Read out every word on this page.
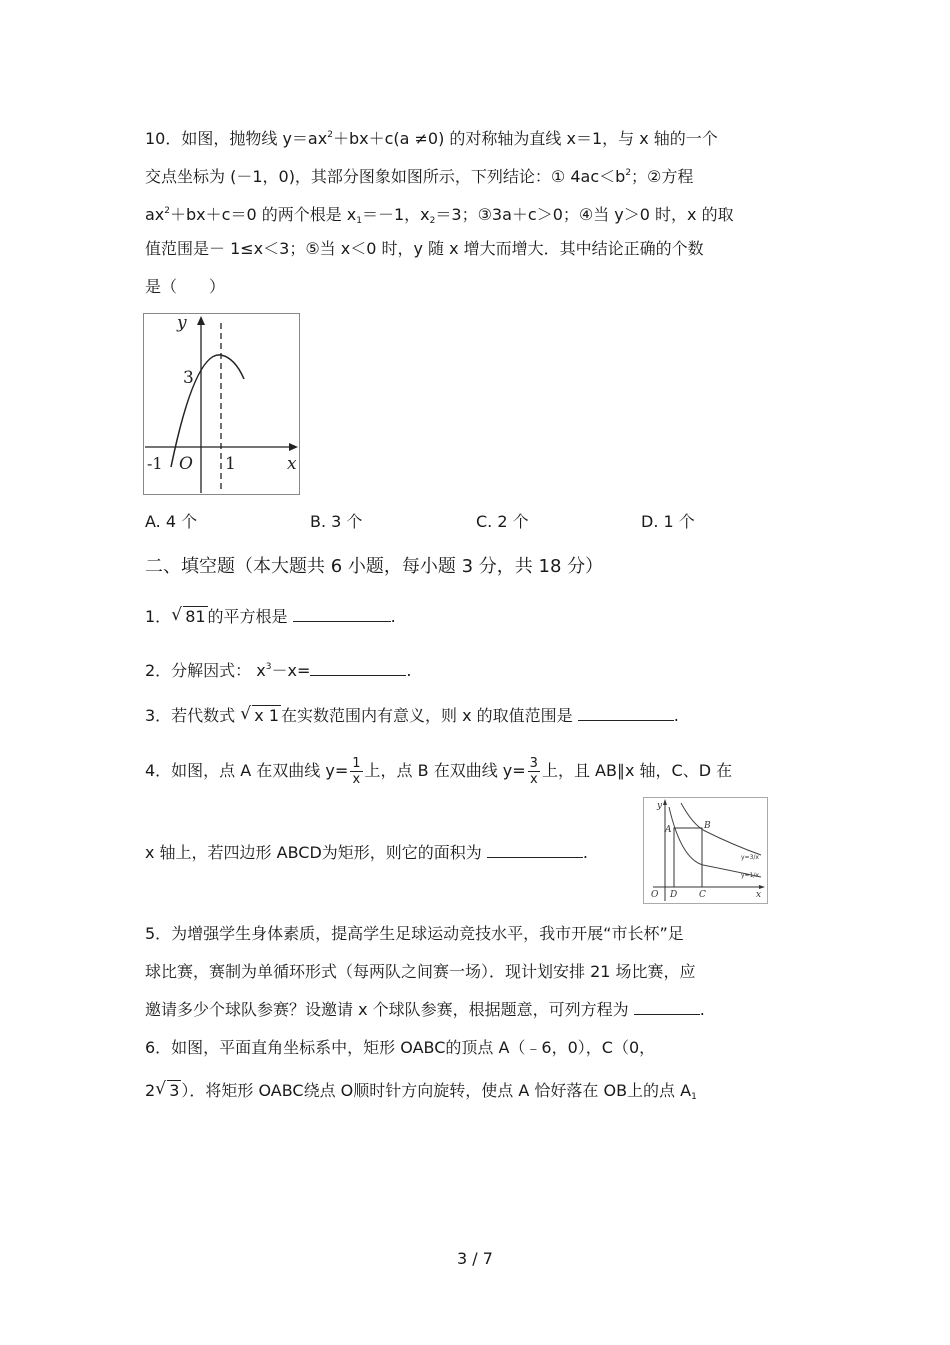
10．如图，抛物线 $y=ax^2+bx+c(a \ne 0)$ 的对称轴为直线 x＝1，与 x 轴的一个
交点坐标为 (－1，0)，其部分图象如图所示，下列结论：① $4ac<b^2$；②方程
$ax^2+bx+c=0$ 的两个根是 $x_1=-1$，$x_2=3$；③3a＋c＞0；④当 y＞0 时，x 的取
值范围是－ 1≤x＜3；⑤当 x＜0 时，y 随 x 增大而增大．其中结论正确的个数
是（　　）
y
x
3
-1 O 1
A. 4 个	B. 3 个	C. 2 个	D. 1 个
二、填空题（本大题共 6 小题，每小题 3 分，共 18 分）
1． √ 81 的平方根是	.
2．分解因式： $x^3-x=$	.
3．若代数式 √ x 1 在实数范围内有意义，则 x 的取值范围是	.
4．如图，点 A 在双曲线 $y= \frac{1}{x}$ 上，点 B 在双曲线 $y= \frac{3}{x}$ 上，且 AB∥x 轴，C、D 在
x 轴上，若四边形 ABCD为矩形，则它的面积为	.
y
A	B
O D C	x
y=3/x
y=1/x
5．为增强学生身体素质，提高学生足球运动竞技水平，我市开展“市长杯”足
球比赛，赛制为单循环形式（每两队之间赛一场）．现计划安排 21 场比赛，应
邀请多少个球队参赛？设邀请 x 个球队参赛，根据题意，可列方程为	.
6．如图，平面直角坐标系中，矩形 OABC的顶点 A（﹣6，0），C（0，
2 √ 3 ）．将矩形 OABC绕点 O顺时针方向旋转，使点 A 恰好落在 OB上的点 $A_1$
3 / 7
